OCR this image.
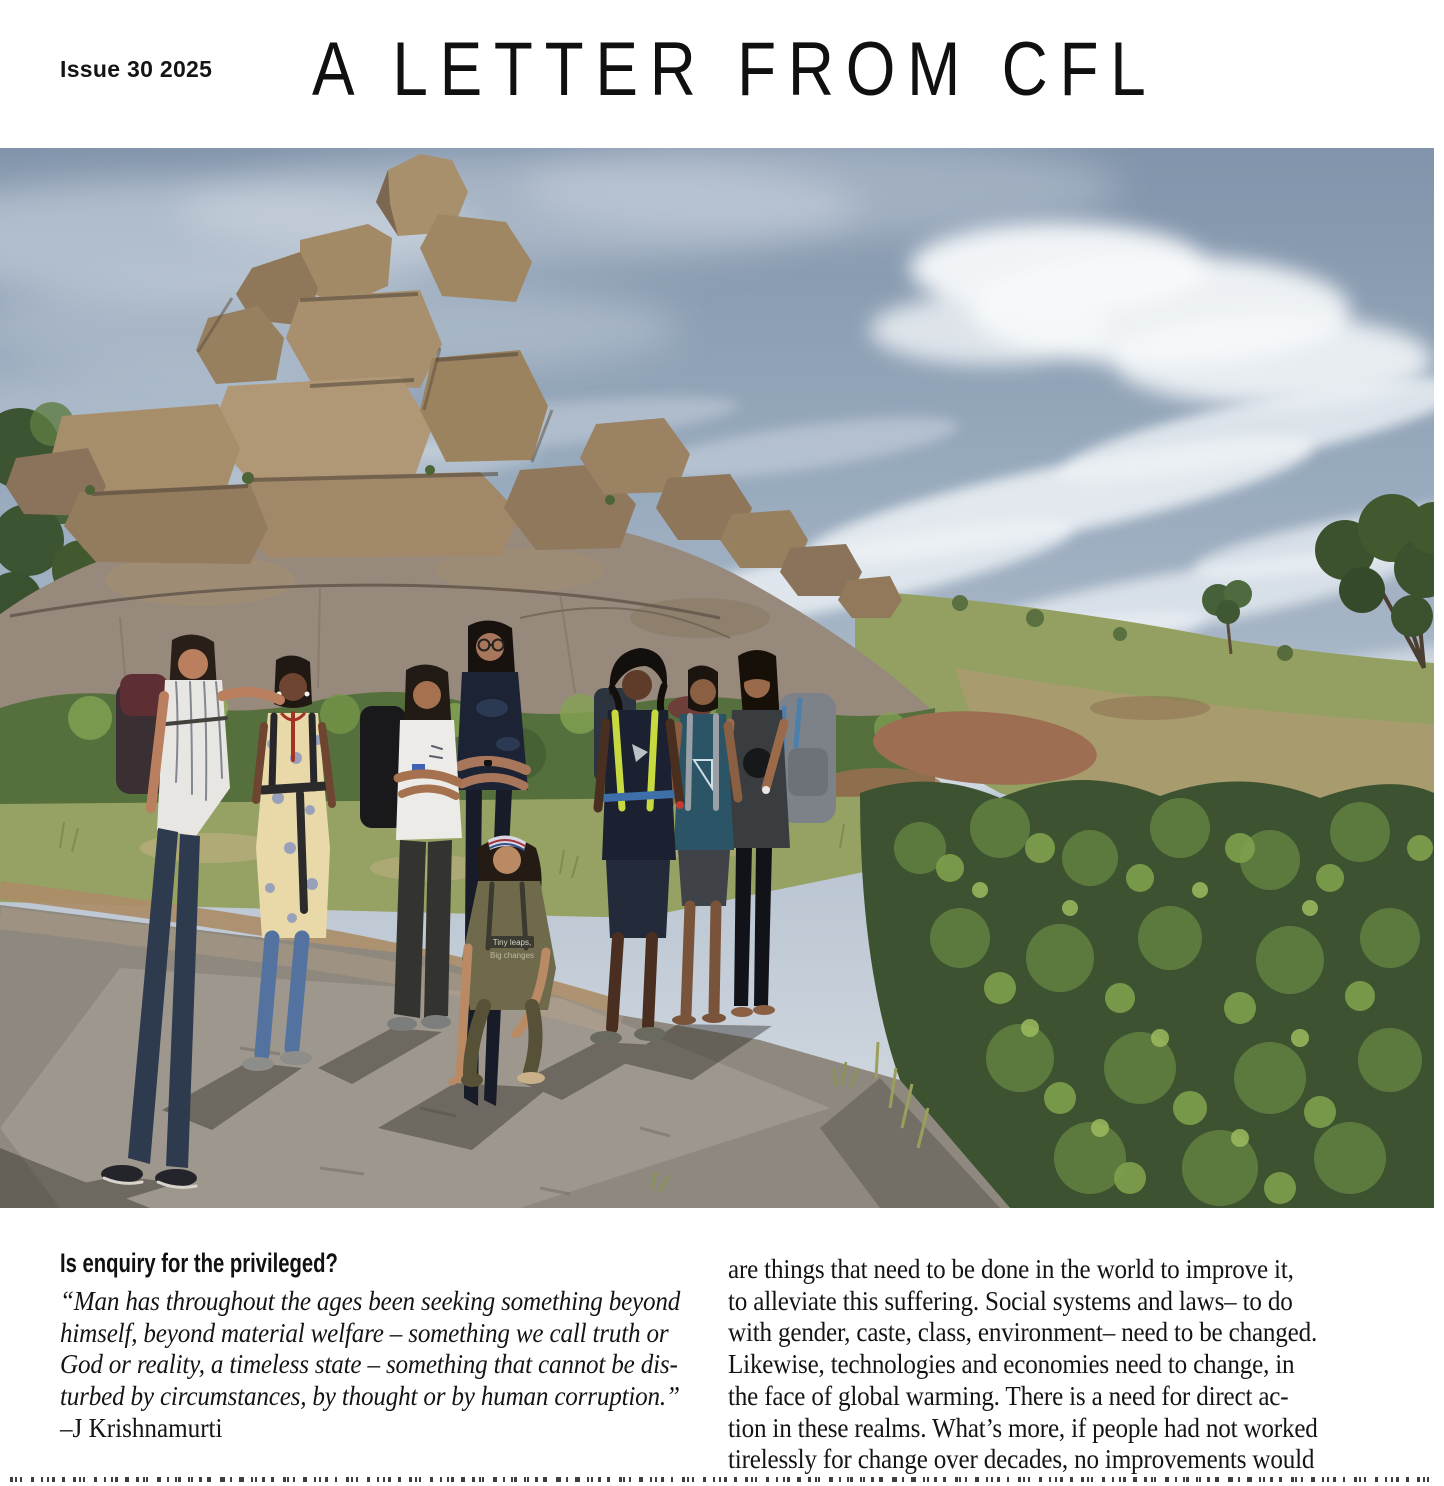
Issue 30 2025 A LETTER FROM CFL
Tiny leaps,
Big changes
Is enquiry for the privileged?
“Man has throughout the ages been seeking something beyond
himself, beyond material welfare – something we call truth or
God or reality, a timeless state – something that cannot be dis-
turbed by circumstances, by thought or by human corruption.”
–J Krishnamurti
are things that need to be done in the world to improve it,
to alleviate this suffering. Social systems and laws– to do
with gender, caste, class, environment– need to be changed.
Likewise, technologies and economies need to change, in
the face of global warming. There is a need for direct ac-
tion in these realms. What’s more, if people had not worked
tirelessly for change over decades, no improvements would
